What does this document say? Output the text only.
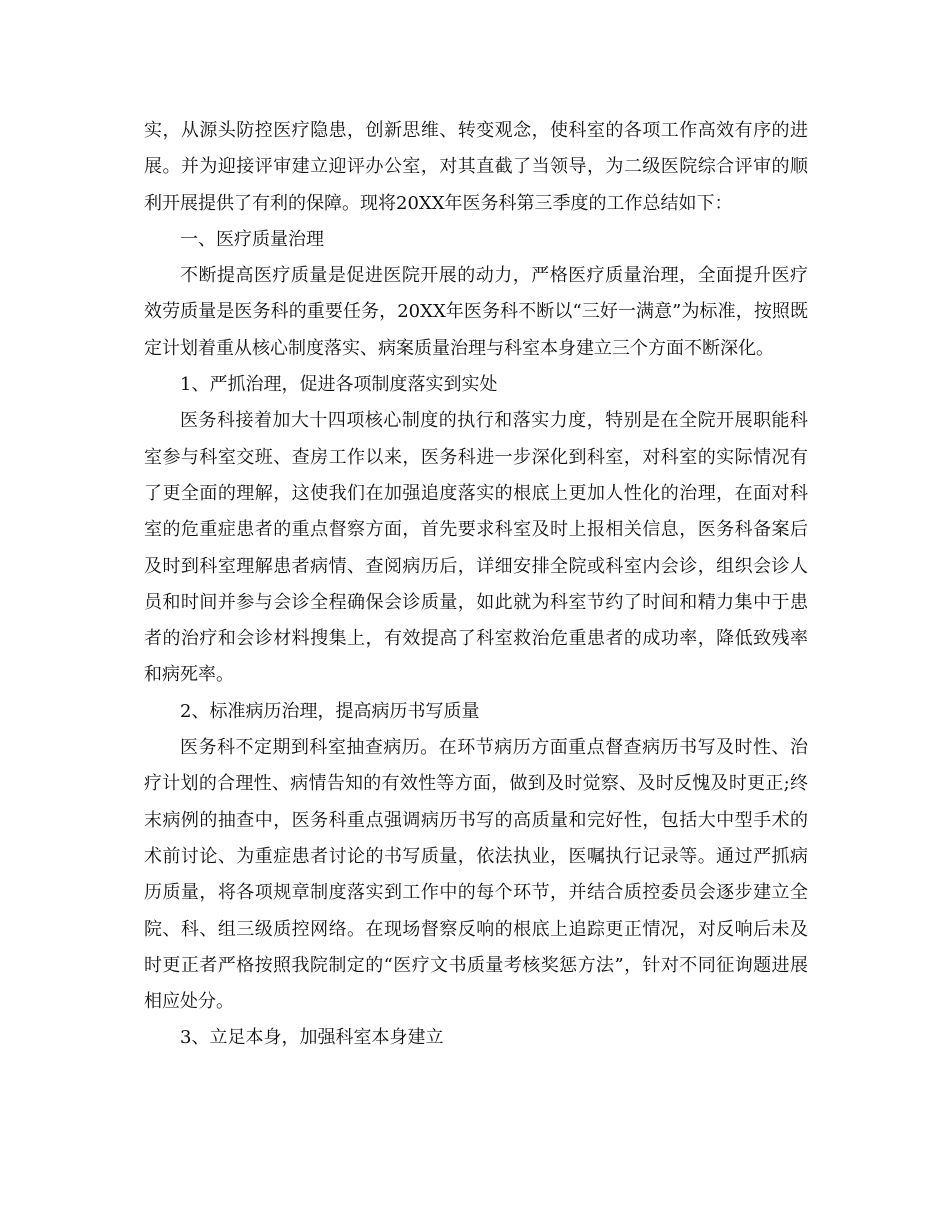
实，从源头防控医疗隐患，创新思维、转变观念，使科室的各项工作高效有序的进展。并为迎接评审建立迎评办公室，对其直截了当领导，为二级医院综合评审的顺利开展提供了有利的保障。现将20XX年医务科第三季度的工作总结如下：

一、医疗质量治理

不断提高医疗质量是促进医院开展的动力，严格医疗质量治理，全面提升医疗效劳质量是医务科的重要任务，20XX年医务科不断以“三好一满意”为标准，按照既定计划着重从核心制度落实、病案质量治理与科室本身建立三个方面不断深化。

1、严抓治理，促进各项制度落实到实处

医务科接着加大十四项核心制度的执行和落实力度，特别是在全院开展职能科室参与科室交班、查房工作以来，医务科进一步深化到科室，对科室的实际情况有了更全面的理解，这使我们在加强追度落实的根底上更加人性化的治理，在面对科室的危重症患者的重点督察方面，首先要求科室及时上报相关信息，医务科备案后及时到科室理解患者病情、查阅病历后，详细安排全院或科室内会诊，组织会诊人员和时间并参与会诊全程确保会诊质量，如此就为科室节约了时间和精力集中于患者的治疗和会诊材料搜集上，有效提高了科室救治危重患者的成功率，降低致残率和病死率。

2、标准病历治理，提高病历书写质量

医务科不定期到科室抽查病历。在环节病历方面重点督查病历书写及时性、治疗计划的合理性、病情告知的有效性等方面，做到及时觉察、及时反愧及时更正;终末病例的抽查中，医务科重点强调病历书写的高质量和完好性，包括大中型手术的术前讨论、为重症患者讨论的书写质量，依法执业，医嘱执行记录等。通过严抓病历质量，将各项规章制度落实到工作中的每个环节，并结合质控委员会逐步建立全院、科、组三级质控网络。在现场督察反响的根底上追踪更正情况，对反响后未及时更正者严格按照我院制定的“医疗文书质量考核奖惩方法”，针对不同征询题进展相应处分。

3、立足本身，加强科室本身建立
